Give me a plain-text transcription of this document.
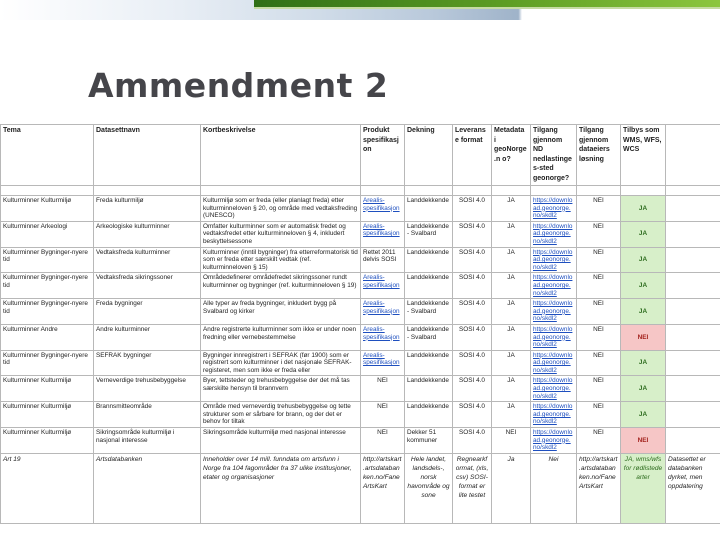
Ammendment 2
Tema	Datasettnavn	Kortbeskrivelse	Produkt spesifikasjon	Dekning	Leveranse format	Metadata i geoNorge.n o?	Tilgang gjennom ND nedlastinges-sted geonorge?	Tilgang gjennom dataeiers løsning	Tilbys som WMS, WFS, WCS	

Kulturminner Kulturmiljø	Freda kulturmiljø	Kulturmiljø som er freda (eller planlagt freda) etter kulturminneloven § 20, og område med vedtaksfreding (UNESCO)	Arealis-spesifikasjon	Landdekkende	SOSI 4.0	JA	https://download.geonorge.no/skdl2	NEI	JA	
Kulturminner Arkeologi	Arkeologiske kulturminner	Omfatter kulturminner som er automatisk fredet og vedtaksfredet etter kulturminneloven § 4, inkludert beskyttelsessone	Arealis-spesifikasjon	Landdekkende - Svalbard	SOSI 4.0	JA	https://download.geonorge.no/skdl2	NEI	JA	
Kulturminner Bygninger-nyere tid	Vedtaksfreda kulturminner	Kulturminner (inntil bygninger) fra etterreformatorisk tid som er freda etter særskilt vedtak (ref. kulturminneloven § 15)	Rettet 2011 delvis SOSI	Landdekkende	SOSI 4.0	JA	https://download.geonorge.no/skdl2	NEI	JA	
Kulturminner Bygninger-nyere tid	Vedtaksfreda sikringssoner	Områdedefinerer områdefredet sikringssoner rundt kulturminner og bygninger (ref. kulturminneloven § 19)	Arealis-spesifikasjon	Landdekkende	SOSI 4.0	JA	https://download.geonorge.no/skdl2	NEI	JA	
Kulturminner Bygninger-nyere tid	Freda bygninger	Alle typer av freda bygninger, inkludert bygg på Svalbard og kirker	Arealis-spesifikasjon	Landdekkende - Svalbard	SOSI 4.0	JA	https://download.geonorge.no/skdl2	NEI	JA	
Kulturminner Andre	Andre kulturminner	Andre registrerte kulturminner som ikke er under noen fredning eller vernebestemmelse	Arealis-spesifikasjon	Landdekkende - Svalbard	SOSI 4.0	JA	https://download.geonorge.no/skdl2	NEI	NEI	
Kulturminner Bygninger-nyere tid	SEFRAK bygninger	Bygninger innregistrert i SEFRAK (før 1900) som er registrert som kulturminner i det nasjonale SEFRAK-registeret, men som ikke er freda eller	Arealis-spesifikasjon	Landdekkende	SOSI 4.0	JA	https://download.geonorge.no/skdl2	NEI	JA	
Kulturminner Kulturmiljø	Verneverdige trehusbebyggelse	Byer, tettsteder og trehusbebyggelse der det må tas særskilte hensyn til brannvern	NEI	Landdekkende	SOSI 4.0	JA	https://download.geonorge.no/skdl2	NEI	JA	
Kulturminner Kulturmiljø	Brannsmitteområde	Område med verneverdig trehusbebyggelse og tette strukturer som er sårbare for brann, og der det er behov for tiltak	NEI	Landdekkende	SOSI 4.0	JA	https://download.geonorge.no/skdl2	NEI	JA	
Kulturminner Kulturmiljø	Sikringsområde kulturmiljø i nasjonal interesse	Sikringsområde kulturmiljø med nasjonal interesse	NEI	Dekker 51 kommuner	SOSI 4.0	NEI	https://download.geonorge.no/skdl2	NEI	NEI	
Art 19	Artsdatabanken	Inneholder over 14 mill. funndata om artsfunn i Norge fra 104 fagområder fra 37 ulike institusjoner, etater og organisasjoner	http://artskart.artsdatabanken.no/FaneArtsKart	Hele landet, landsdels-, norsk havområde og sone	Regnearkformat, (xls, csv) SOSI-format er lite testet	Ja	Nei	http://artskart.artsdatabanken.no/FaneArtsKart	JA, wms/wfs for rødlistede arter	Datasettet er databanken dyrket, men oppdatering
